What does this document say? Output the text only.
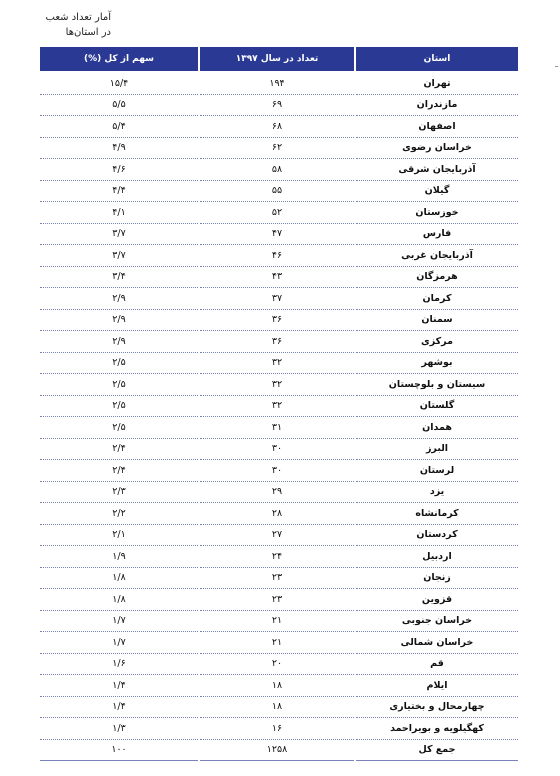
آمار تعداد شعب
در استان‌ها
استان	تعداد در سال ۱۳۹۷	سهم از کل (%)
تهران	۱۹۴	۱۵/۴
مازندران	۶۹	۵/۵
اصفهان	۶۸	۵/۴
خراسان رضوی	۶۲	۴/۹
آذربایجان شرقی	۵۸	۴/۶
گیلان	۵۵	۴/۴
خوزستان	۵۲	۴/۱
فارس	۴۷	۳/۷
آذربایجان غربی	۴۶	۳/۷
هرمزگان	۴۳	۳/۴
کرمان	۳۷	۲/۹
سمنان	۳۶	۲/۹
مرکزی	۳۶	۲/۹
بوشهر	۳۲	۲/۵
سیستان و بلوچستان	۳۲	۲/۵
گلستان	۳۲	۲/۵
همدان	۳۱	۲/۵
البرز	۳۰	۲/۴
لرستان	۳۰	۲/۴
یزد	۲۹	۲/۳
کرمانشاه	۲۸	۲/۲
کردستان	۲۷	۲/۱
اردبیل	۲۴	۱/۹
زنجان	۲۳	۱/۸
قزوین	۲۳	۱/۸
خراسان جنوبی	۲۱	۱/۷
خراسان شمالی	۲۱	۱/۷
قم	۲۰	۱/۶
ایلام	۱۸	۱/۴
چهارمحال و بختیاری	۱۸	۱/۴
کهگیلویه و بویراحمد	۱۶	۱/۳
جمع کل	۱۲۵۸	۱۰۰
